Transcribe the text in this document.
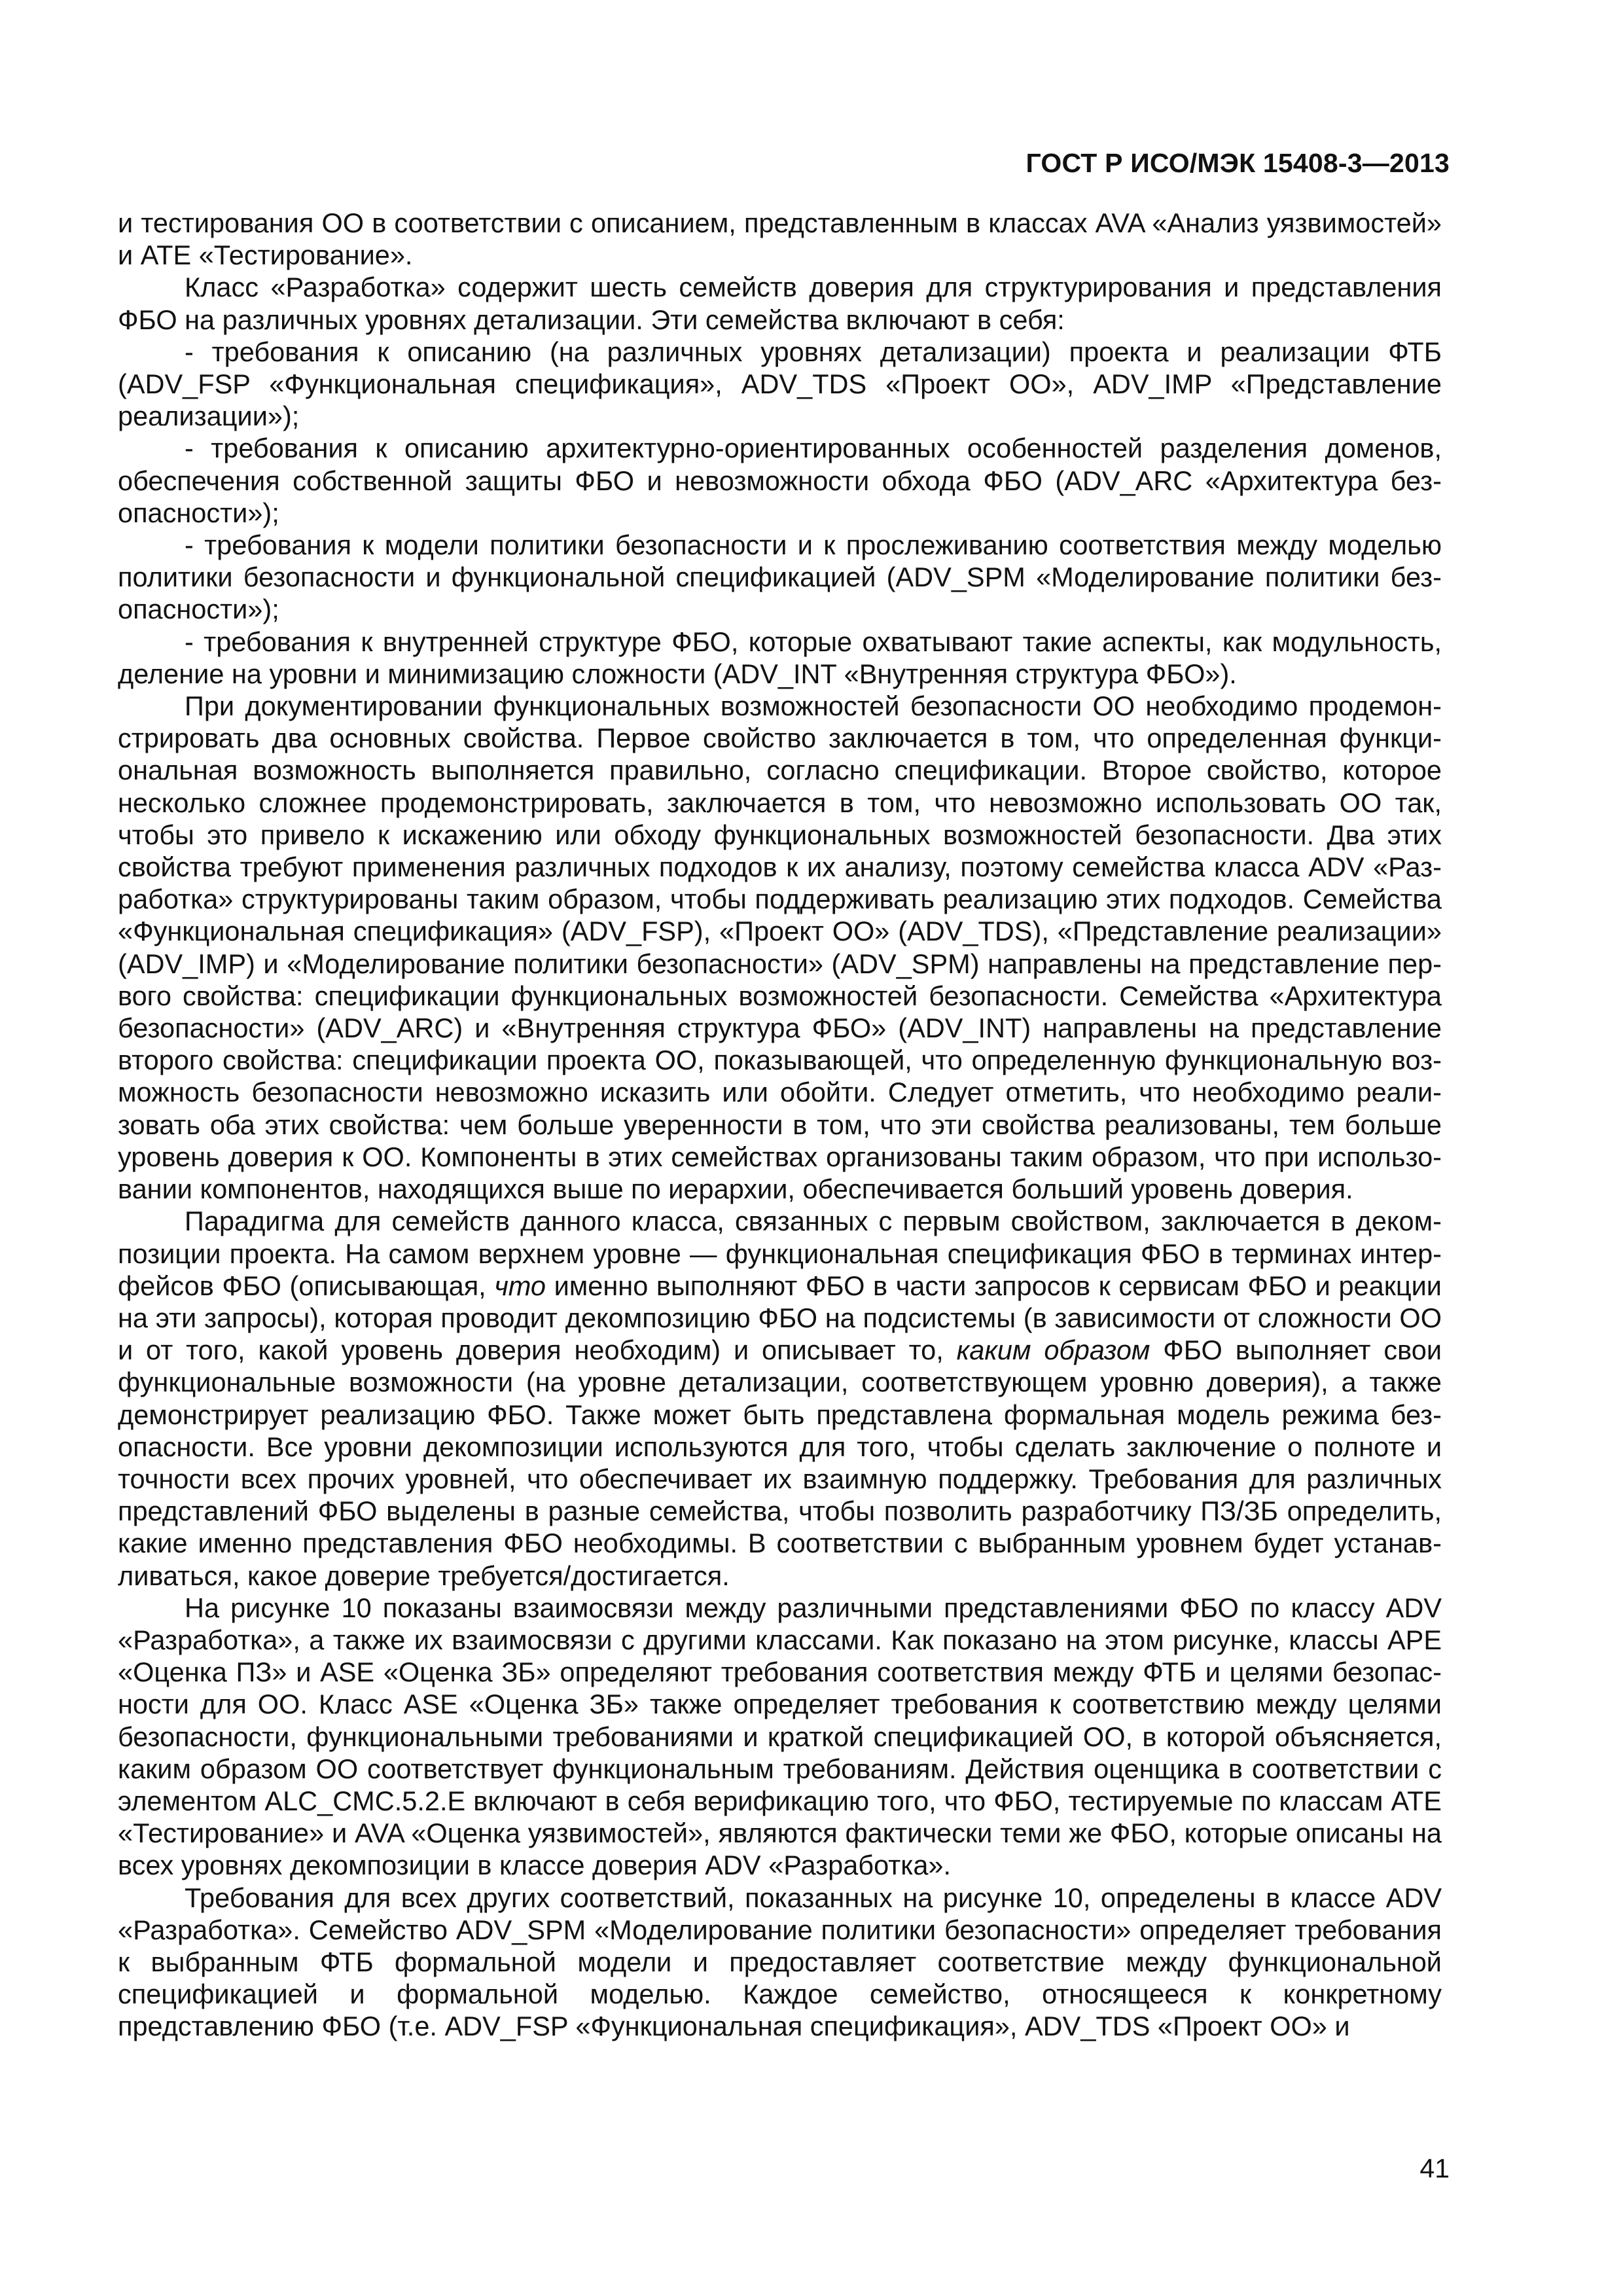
ГОСТ Р ИСО/МЭК 15408-3—2013

и тестирования ОО в соответствии с описанием, представленным в классах AVA «Анализ уязвимостей» и АТЕ «Тестирование».

Класс «Разработка» содержит шесть семейств доверия для структурирования и представления ФБО на различных уровнях детализации. Эти семейства включают в себя:

- требования к описанию (на различных уровнях детализации) проекта и реализации ФТБ (ADV_FSP «Функциональная спецификация», ADV_TDS «Проект ОО», ADV_IMP «Представление реализации»);

- требования к описанию архитектурно-ориентированных особенностей разделения доменов, обеспечения собственной защиты ФБО и невозможности обхода ФБО (ADV_ARC «Архитектура безопасности»);

- требования к модели политики безопасности и к прослеживанию соответствия между моделью политики безопасности и функциональной спецификацией (ADV_SPM «Моделирование политики безопасности»);

- требования к внутренней структуре ФБО, которые охватывают такие аспекты, как модульность, деление на уровни и минимизацию сложности (ADV_INT «Внутренняя структура ФБО»).

При документировании функциональных возможностей безопасности ОО необходимо продемонстрировать два основных свойства. Первое свойство заключается в том, что определенная функциональная возможность выполняется правильно, согласно спецификации. Второе свойство, которое несколько сложнее продемонстрировать, заключается в том, что невозможно использовать ОО так, чтобы это привело к искажению или обходу функциональных возможностей безопасности. Два этих свойства требуют применения различных подходов к их анализу, поэтому семейства класса ADV «Разработка» структурированы таким образом, чтобы поддерживать реализацию этих подходов. Семейства «Функциональная спецификация» (ADV_FSP), «Проект ОО» (ADV_TDS), «Представление реализации» (ADV_IMP) и «Моделирование политики безопасности» (ADV_SPM) направлены на представление первого свойства: спецификации функциональных возможностей безопасности. Семейства «Архитектура безопасности» (ADV_ARC) и «Внутренняя структура ФБО» (ADV_INT) направлены на представление второго свойства: спецификации проекта ОО, показывающей, что определенную функциональную возможность безопасности невозможно исказить или обойти. Следует отметить, что необходимо реализовать оба этих свойства: чем больше уверенности в том, что эти свойства реализованы, тем больше уровень доверия к ОО. Компоненты в этих семействах организованы таким образом, что при использовании компонентов, находящихся выше по иерархии, обеспечивается больший уровень доверия.

Парадигма для семейств данного класса, связанных с первым свойством, заключается в декомпозиции проекта. На самом верхнем уровне — функциональная спецификация ФБО в терминах интерфейсов ФБО (описывающая, что именно выполняют ФБО в части запросов к сервисам ФБО и реакции на эти запросы), которая проводит декомпозицию ФБО на подсистемы (в зависимости от сложности ОО и от того, какой уровень доверия необходим) и описывает то, каким образом ФБО выполняет свои функциональные возможности (на уровне детализации, соответствующем уровню доверия), а также демонстрирует реализацию ФБО. Также может быть представлена формальная модель режима безопасности. Все уровни декомпозиции используются для того, чтобы сделать заключение о полноте и точности всех прочих уровней, что обеспечивает их взаимную поддержку. Требования для различных представлений ФБО выделены в разные семейства, чтобы позволить разработчику ПЗ/ЗБ определить, какие именно представления ФБО необходимы. В соответствии с выбранным уровнем будет устанавливаться, какое доверие требуется/достигается.

На рисунке 10 показаны взаимосвязи между различными представлениями ФБО по классу ADV «Разработка», а также их взаимосвязи с другими классами. Как показано на этом рисунке, классы АРЕ «Оценка ПЗ» и ASE «Оценка ЗБ» определяют требования соответствия между ФТБ и целями безопасности для ОО. Класс ASE «Оценка ЗБ» также определяет требования к соответствию между целями безопасности, функциональными требованиями и краткой спецификацией ОО, в которой объясняется, каким образом ОО соответствует функциональным требованиям. Действия оценщика в соответствии с элементом ALC_CMC.5.2.Е включают в себя верификацию того, что ФБО, тестируемые по классам АТЕ «Тестирование» и AVA «Оценка уязвимостей», являются фактически теми же ФБО, которые описаны на всех уровнях декомпозиции в классе доверия ADV «Разработка».

Требования для всех других соответствий, показанных на рисунке 10, определены в классе ADV «Разработка». Семейство ADV_SPM «Моделирование политики безопасности» определяет требования к выбранным ФТБ формальной модели и предоставляет соответствие между функциональной спецификацией и формальной моделью. Каждое семейство, относящееся к конкретному представлению ФБО (т.е. ADV_FSP «Функциональная спецификация», ADV_TDS «Проект ОО» и

41
